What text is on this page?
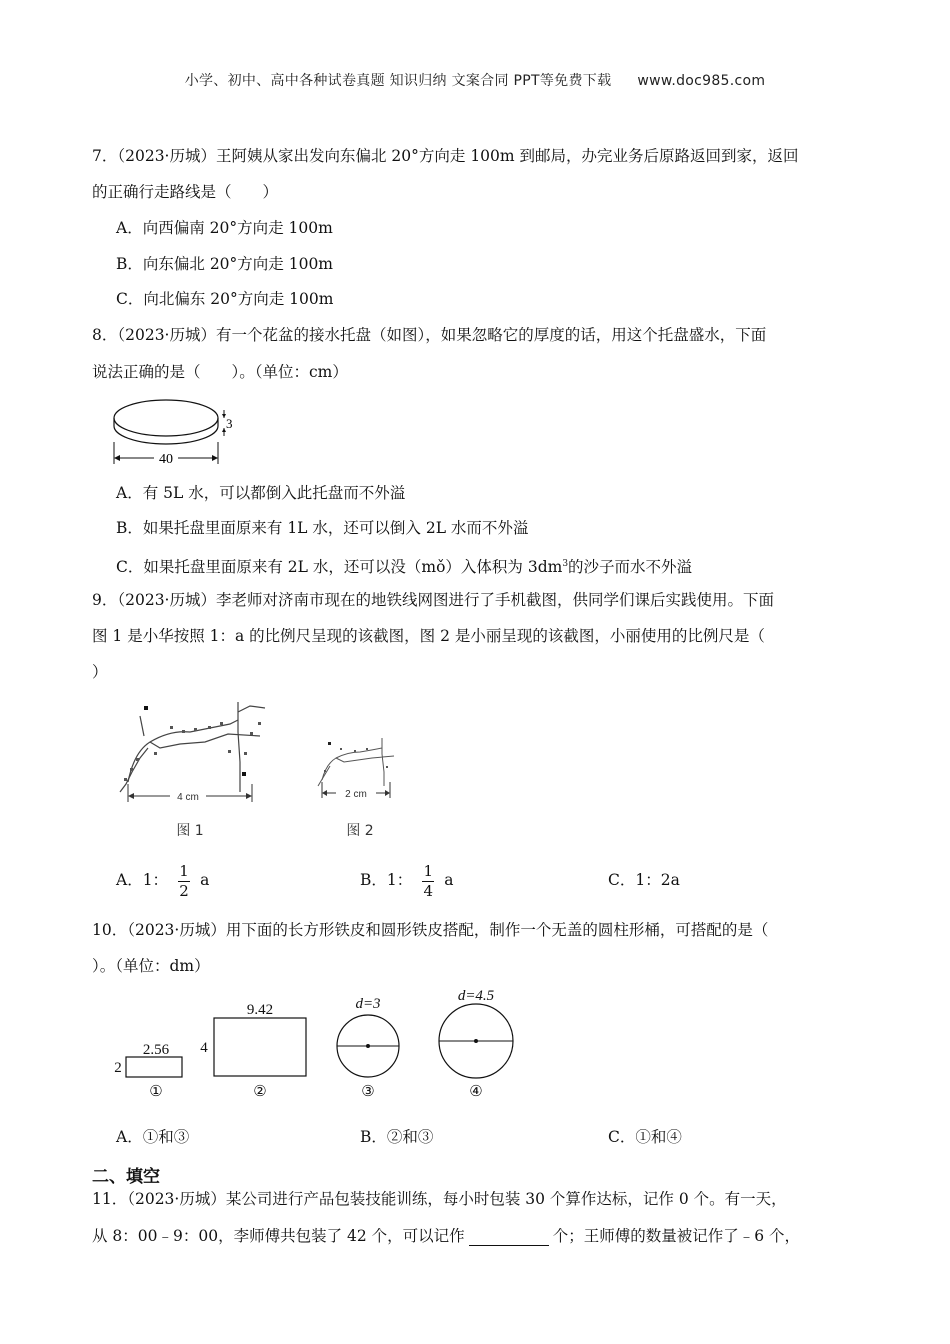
小学、初中、高中各种试卷真题 知识归纳 文案合同 PPT等免费下载 www.doc985.com
7．（2023·历城）王阿姨从家出发向东偏北 20°方向走 100m 到邮局，办完业务后原路返回到家，返回
的正确行走路线是（　　）
A．向西偏南 20°方向走 100m
B．向东偏北 20°方向走 100m
C．向北偏东 20°方向走 100m
8．（2023·历城）有一个花盆的接水托盘（如图），如果忽略它的厚度的话，用这个托盘盛水，下面
说法正确的是（　　）。（单位：cm）
3
40
A．有 5L 水，可以都倒入此托盘而不外溢
B．如果托盘里面原来有 1L 水，还可以倒入 2L 水而不外溢
C．如果托盘里面原来有 2L 水，还可以没（mǒ）入体积为 $3dm^3$的沙子而水不外溢
9．（2023·历城）李老师对济南市现在的地铁线网图进行了手机截图，供同学们课后实践使用。下面
图 1 是小华按照 1：a 的比例尺呈现的该截图，图 2 是小丽呈现的该截图，小丽使用的比例尺是（
）
4 cm
图 1
2 cm
图 2
A．1： $\frac{1}{2}$ a	B．1： $\frac{1}{4}$ a	C．1：2a
10．（2023·历城）用下面的长方形铁皮和圆形铁皮搭配，制作一个无盖的圆柱形桶，可搭配的是（
）。（单位：dm）
2.56
2
①
9.42
4
②
d=3
③
d=4.5
④
A．①和③	B．②和③	C．①和④
二、填空
11．（2023·历城）某公司进行产品包装技能训练，每小时包装 30 个算作达标，记作 0 个。有一天，
从 8：00﹣9：00，李师傅共包装了 42 个，可以记作	个；王师傅的数量被记作了﹣6 个，
